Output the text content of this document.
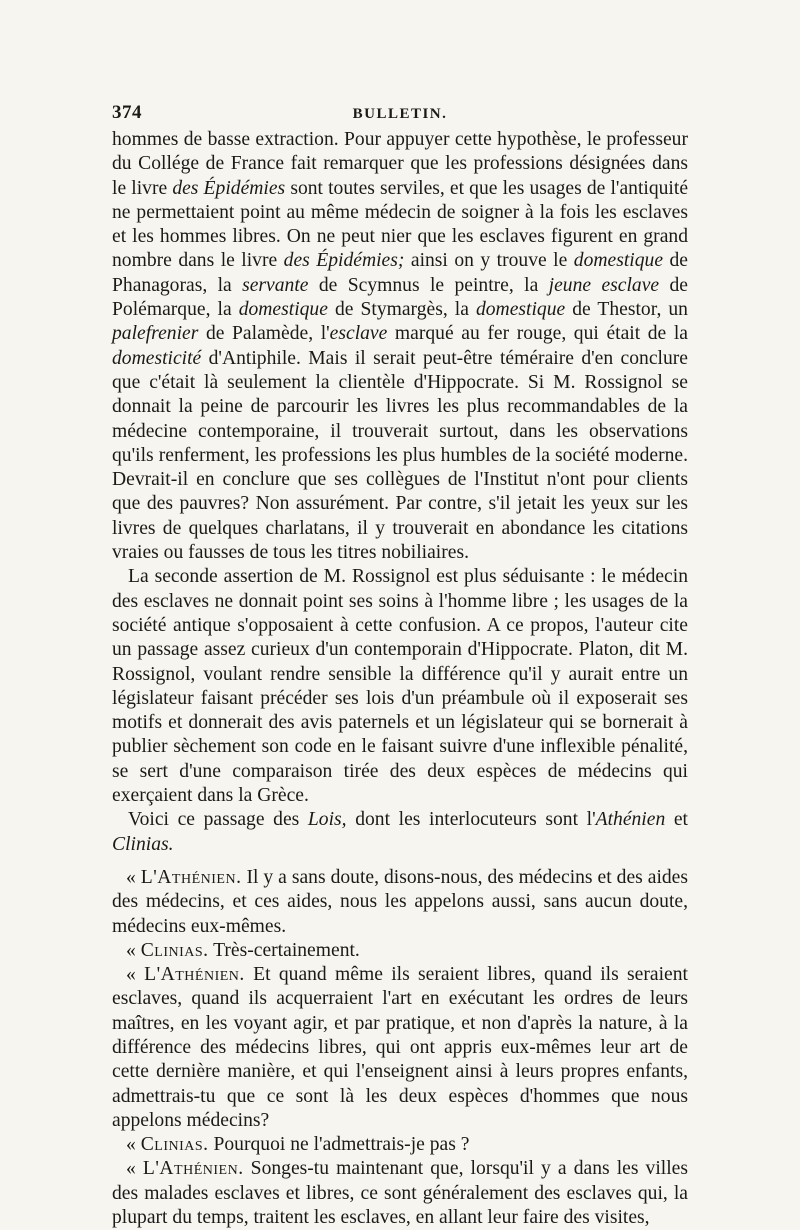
374	BULLETIN.

hommes de basse extraction. Pour appuyer cette hypothèse, le professeur du Collége de France fait remarquer que les professions désignées dans le livre des Épidémies sont toutes serviles, et que les usages de l'antiquité ne permettaient point au même médecin de soigner à la fois les esclaves et les hommes libres. On ne peut nier que les esclaves figurent en grand nombre dans le livre des Épidémies; ainsi on y trouve le domestique de Phanagoras, la servante de Scymnus le peintre, la jeune esclave de Polémarque, la domestique de Stymargès, la domestique de Thestor, un palefrenier de Palamède, l'esclave marqué au fer rouge, qui était de la domesticité d'Antiphile. Mais il serait peut-être téméraire d'en conclure que c'était là seulement la clientèle d'Hippocrate. Si M. Rossignol se donnait la peine de parcourir les livres les plus recommandables de la médecine contemporaine, il trouverait surtout, dans les observations qu'ils renferment, les professions les plus humbles de la société moderne. Devrait-il en conclure que ses collègues de l'Institut n'ont pour clients que des pauvres? Non assurément. Par contre, s'il jetait les yeux sur les livres de quelques charlatans, il y trouverait en abondance les citations vraies ou fausses de tous les titres nobiliaires.

La seconde assertion de M. Rossignol est plus séduisante : le médecin des esclaves ne donnait point ses soins à l'homme libre ; les usages de la société antique s'opposaient à cette confusion. A ce propos, l'auteur cite un passage assez curieux d'un contemporain d'Hippocrate. Platon, dit M. Rossignol, voulant rendre sensible la différence qu'il y aurait entre un législateur faisant précéder ses lois d'un préambule où il exposerait ses motifs et donnerait des avis paternels et un législateur qui se bornerait à publier sèchement son code en le faisant suivre d'une inflexible pénalité, se sert d'une comparaison tirée des deux espèces de médecins qui exerçaient dans la Grèce.

Voici ce passage des Lois, dont les interlocuteurs sont l'Athénien et Clinias.

« L'Athénien. Il y a sans doute, disons-nous, des médecins et des aides des médecins, et ces aides, nous les appelons aussi, sans aucun doute, médecins eux-mêmes.

« Clinias. Très-certainement.

« L'Athénien. Et quand même ils seraient libres, quand ils seraient esclaves, quand ils acquerraient l'art en exécutant les ordres de leurs maîtres, en les voyant agir, et par pratique, et non d'après la nature, à la différence des médecins libres, qui ont appris eux-mêmes leur art de cette dernière manière, et qui l'enseignent ainsi à leurs propres enfants, admettrais-tu que ce sont là les deux espèces d'hommes que nous appelons médecins?

« Clinias. Pourquoi ne l'admettrais-je pas ?

« L'Athénien. Songes-tu maintenant que, lorsqu'il y a dans les villes des malades esclaves et libres, ce sont généralement des esclaves qui, la plupart du temps, traitent les esclaves, en allant leur faire des visites,
